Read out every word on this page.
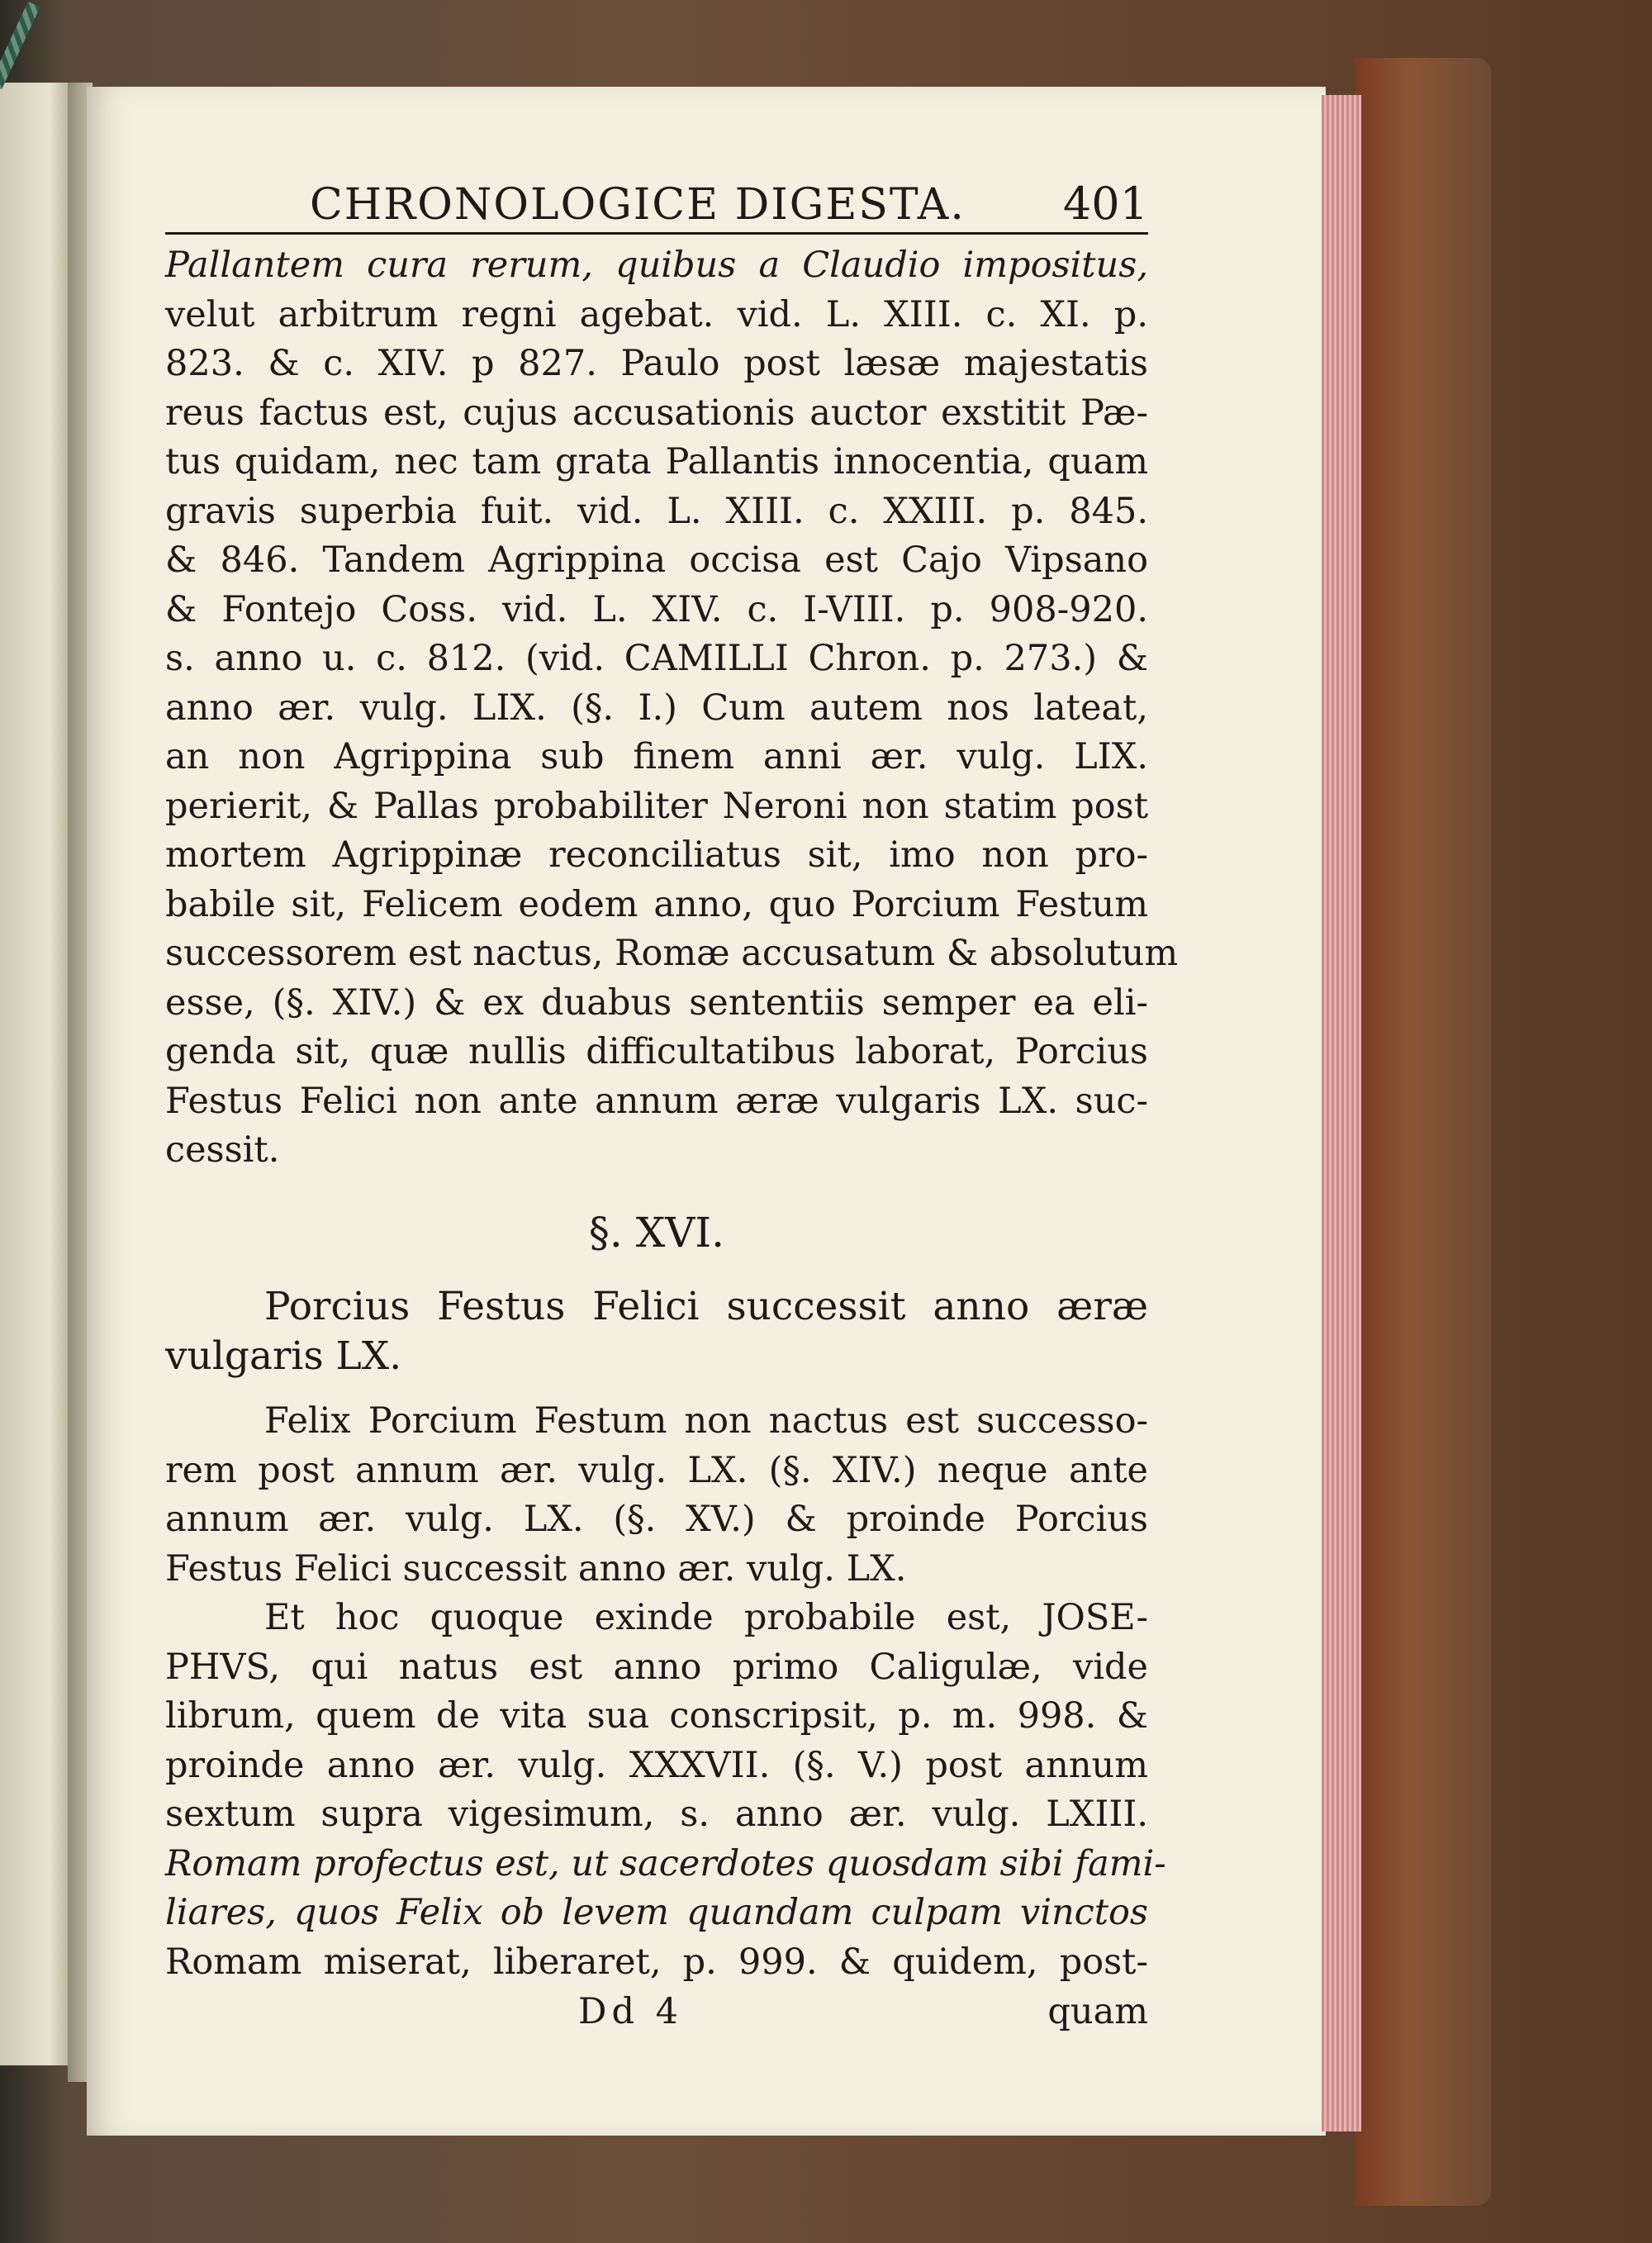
CHRONOLOGICE DIGESTA. 401
Pallantem cura rerum, quibus a Claudio impositus,
velut arbitrum regni agebat. vid. L. XIII. c. XI. p.
823. & c. XIV. p 827. Paulo post læsæ majestatis
reus factus est, cujus accusationis auctor exstitit Pæ-
tus quidam, nec tam grata Pallantis innocentia, quam
gravis superbia fuit. vid. L. XIII. c. XXIII. p. 845.
& 846. Tandem Agrippina occisa est Cajo Vipsano
& Fontejo Coss. vid. L. XIV. c. I-VIII. p. 908-920.
s. anno u. c. 812. (vid. CAMILLI Chron. p. 273.) &
anno ær. vulg. LIX. (§. I.) Cum autem nos lateat,
an non Agrippina sub finem anni ær. vulg. LIX.
perierit, & Pallas probabiliter Neroni non statim post
mortem Agrippinæ reconciliatus sit, imo non pro-
babile sit, Felicem eodem anno, quo Porcium Festum
successorem est nactus, Romæ accusatum & absolutum
esse, (§. XIV.) & ex duabus sententiis semper ea eli-
genda sit, quæ nullis difficultatibus laborat, Porcius
Festus Felici non ante annum æræ vulgaris LX. suc-
cessit.
§. XVI.
Porcius Festus Felici successit anno æræ
vulgaris LX.
Felix Porcium Festum non nactus est successo-
rem post annum ær. vulg. LX. (§. XIV.) neque ante
annum ær. vulg. LX. (§. XV.) & proinde Porcius
Festus Felici successit anno ær. vulg. LX.
Et hoc quoque exinde probabile est, JOSE-
PHVS, qui natus est anno primo Caligulæ, vide
librum, quem de vita sua conscripsit, p. m. 998. &
proinde anno ær. vulg. XXXVII. (§. V.) post annum
sextum supra vigesimum, s. anno ær. vulg. LXIII.
Romam profectus est, ut sacerdotes quosdam sibi fami-
liares, quos Felix ob levem quandam culpam vinctos
Romam miserat, liberaret, p. 999. & quidem, post-
Dd 4	quam
